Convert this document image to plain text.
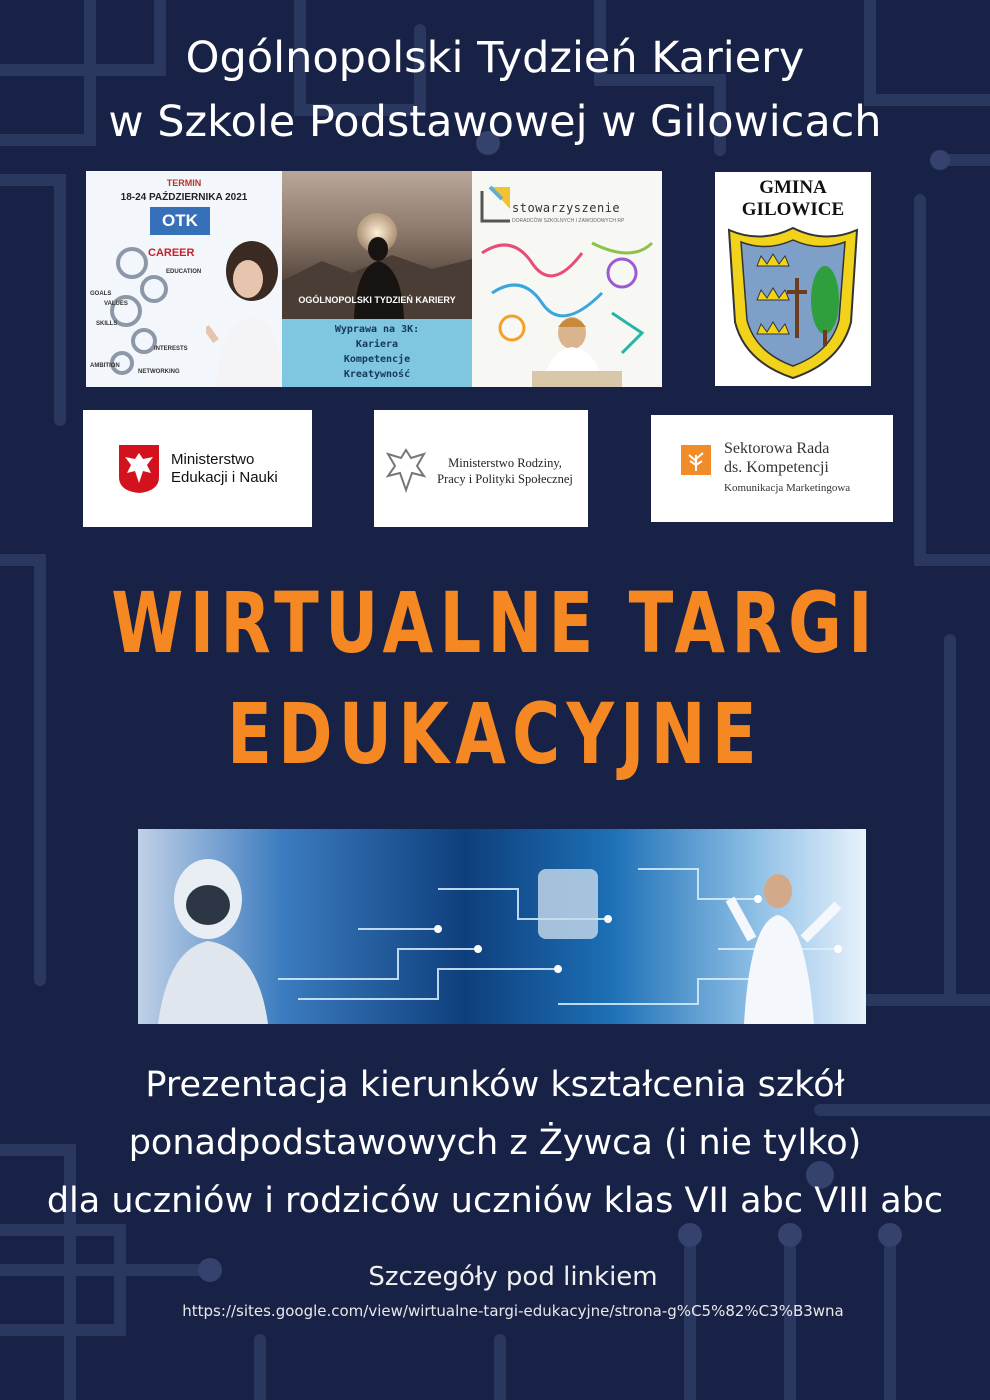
Ogólnopolski Tydzień Kariery
w Szkole Podstawowej w Gilowicach
TERMIN
18-24 PAŹDZIERNIKA 2021
OTK
CAREER
EDUCATION
GOALS
VALUES
SKILLS
INTERESTS
AMBITION
NETWORKING
OGÓLNOPOLSKI TYDZIEŃ KARIERY
Wyprawa na 3K:
Kariera
Kompetencje
Kreatywność
stowarzyszenie
DORADCÓW SZKOLNYCH I ZAWODOWYCH RP
GMINA
GILOWICE
Ministerstwo
Edukacji i Nauki
Ministerstwo Rodziny,
Pracy i Polityki Społecznej
Sektorowa Rada
ds. Kompetencji
Komunikacja Marketingowa
WIRTUALNE TARGI
EDUKACYJNE
Prezentacja kierunków kształcenia szkół
ponadpodstawowych z Żywca (i nie tylko)
dla uczniów i rodziców uczniów klas VII abc VIII abc
Szczegóły pod linkiem
https://sites.google.com/view/wirtualne-targi-edukacyjne/strona-g%C5%82%C3%B3wna
